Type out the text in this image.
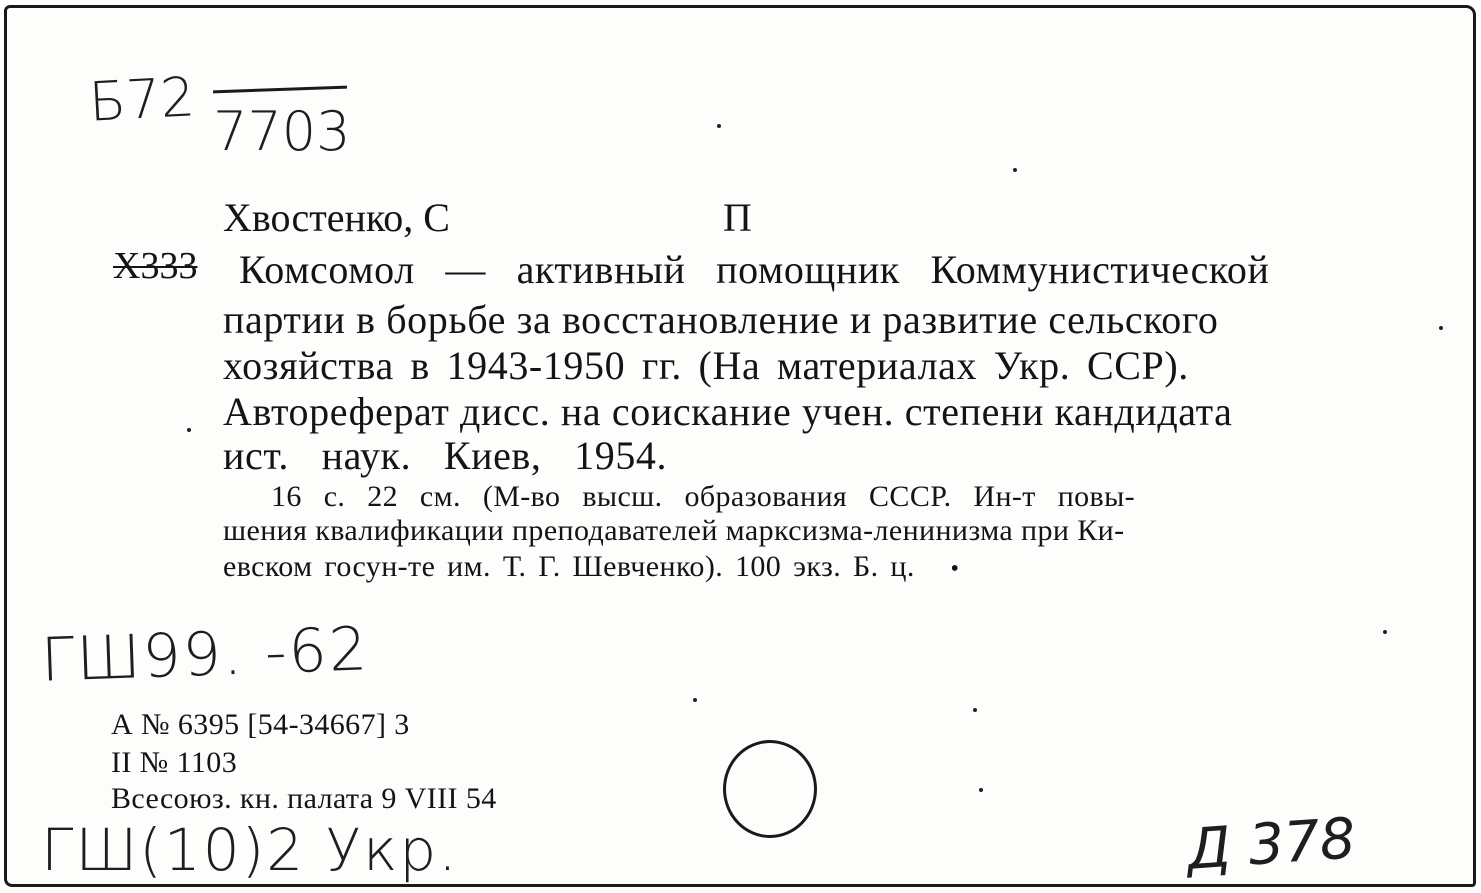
Б72 7703
Хвостенко, С	П
Х333 Комсомол — активный помощник Коммунистической
партии в борьбе за восстановление и развитие сельского
хозяйства в 1943-1950 гг. (На материалах Укр. ССР).
Автореферат дисс. на соискание учен. степени кандидата
ист. наук. Киев, 1954.
16 с. 22 см. (М-во высш. образования СССР. Ин-т повы-
шения квалификации преподавателей марксизма-ленинизма при Ки-
евском госун-те им. Т. Г. Шевченко). 100 экз. Б. ц. •
ГШ99. -62
А № 6395 [54-34667] 3
II № 1103
Всесоюз. кн. палата 9 VIII 54
ГШ(10)2 Укр.	Д 378
